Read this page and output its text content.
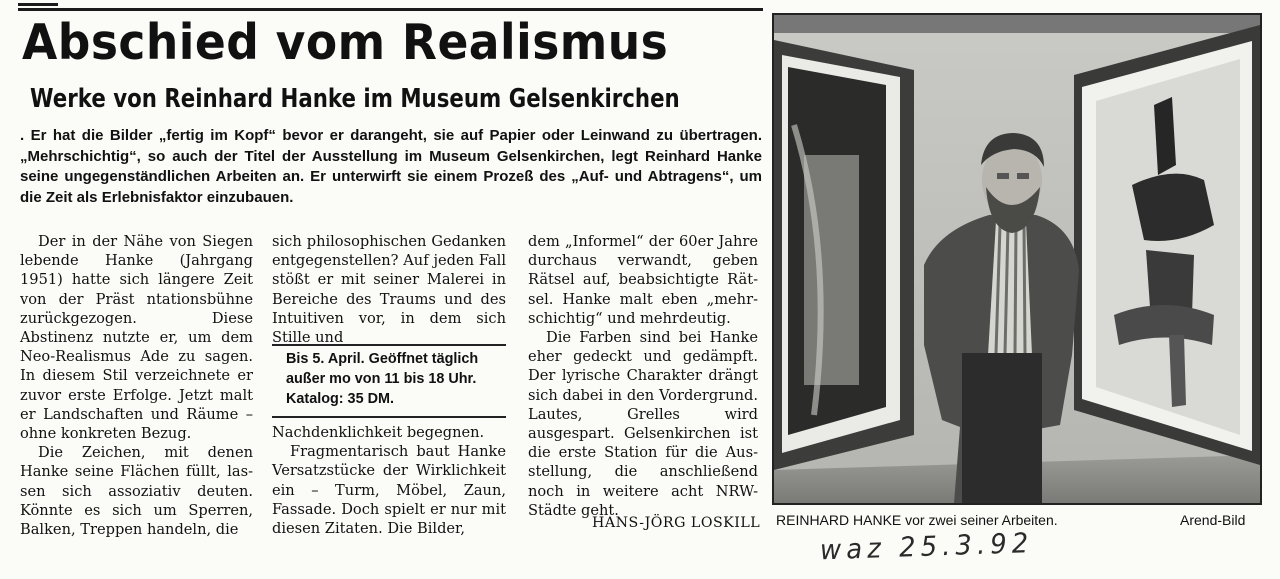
Abschied vom Realismus
Werke von Reinhard Hanke im Museum Gelsenkirchen
. Er hat die Bilder „fertig im Kopf“ bevor er darangeht, sie auf Papier oder Leinwand zu übertragen. „Mehrschichtig“, so auch der Titel der Ausstellung im Museum Gelsenkirchen, legt Reinhard Hanke seine ungegenständlichen Arbeiten an. Er unterwirft sie einem Prozeß des „Auf- und Abtragens“, um die Zeit als Erlebnisfaktor einzubauen.

Der in der Nähe von Siegen lebende Hanke (Jahrgang 1951) hatte sich längere Zeit von der Präst ntationsbühne zurückgezogen. Diese Abstinenz nutzte er, um dem Neo-Realismus Ade zu sagen. In diesem Stil verzeichnete er zuvor erste Erfolge. Jetzt malt er Landschaften und Räume – ohne konkreten Bezug.

Die Zeichen, mit denen Hanke seine Flächen füllt, lassen sich assoziativ deuten. Könnte es sich um Sperren, Balken, Treppen handeln, die

sich philosophischen Gedanken entgegenstellen? Auf jeden Fall stößt er mit seiner Malerei in Bereiche des Traums und des Intuitiven vor, in dem sich Stille und

Bis 5. April. Geöffnet täglich außer mo von 11 bis 18 Uhr. Katalog: 35 DM.

Nachdenklichkeit begegnen.

Fragmentarisch baut Hanke Versatzstücke der Wirklichkeit ein – Turm, Möbel, Zaun, Fassade. Doch spielt er nur mit diesen Zitaten. Die Bilder,

dem „Informel“ der 60er Jahre durchaus verwandt, geben Rätsel auf, beabsichtigte Rätsel. Hanke malt eben „mehrschichtig“ und mehrdeutig.

Die Farben sind bei Hanke eher gedeckt und gedämpft. Der lyrische Charakter drängt sich dabei in den Vordergrund. Lautes, Grelles wird ausgespart. Gelsenkirchen ist die erste Station für die Ausstellung, die anschließend noch in weitere acht NRW-Städte geht.

HANS-JÖRG LOSKILL REINHARD HANKE vor zwei seiner Arbeiten.	Arend-Bild
waz 25.3.92
